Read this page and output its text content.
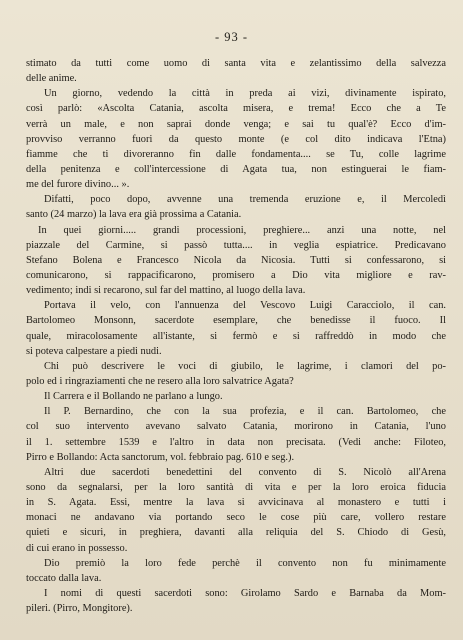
- 93 -
stimato da tutti come uomo di santa vita e zelantissimo della salvezza
delle anime.
Un giorno, vedendo la città in preda ai vizi, divinamente ispirato,
così parlò: «Ascolta Catania, ascolta misera, e trema! Ecco che a Te
verrà un male, e non saprai donde venga; e sai tu qual'è? Ecco d'im-
provviso verranno fuori da questo monte (e col dito indicava l'Etna)
fiamme che ti divoreranno fin dalle fondamenta.... se Tu, colle lagrime
della penitenza e coll'intercessione di Agata tua, non estinguerai le fiam-
me del furore divino... ».
Difatti, poco dopo, avvenne una tremenda eruzione e, il Mercoledì
santo (24 marzo) la lava era già prossima a Catania.
In quei giorni..... grandi processioni, preghiere... anzi una notte, nel
piazzale del Carmine, si passò tutta.... in veglia espiatrice. Predicavano
Stefano Bolena e Francesco Nicola da Nicosia. Tutti si confessarono, si
comunicarono, si rappacificarono, promisero a Dio vita migliore e rav-
vedimento; indi si recarono, sul far del mattino, al luogo della lava.
Portava il velo, con l'annuenza del Vescovo Luigi Caracciolo, il can.
Bartolomeo Monsonn, sacerdote esemplare, che benedisse il fuoco. Il
quale, miracolosamente all'istante, si fermò e si raffreddò in modo che
si poteva calpestare a piedi nudi.
Chi può descrivere le voci di giubilo, le lagrime, i clamori del po-
polo ed i ringraziamenti che ne resero alla loro salvatrice Agata?
Il Carrera e il Bollando ne parlano a lungo.
Il P. Bernardino, che con la sua profezia, e il can. Bartolomeo, che
col suo intervento avevano salvato Catania, morirono in Catania, l'uno
il 1. settembre 1539 e l'altro in data non precisata. (Vedi anche: Filoteo,
Pirro e Bollando: Acta sanctorum, vol. febbraio pag. 610 e seg.).
Altri due sacerdoti benedettini del convento di S. Nicolò all'Arena
sono da segnalarsi, per la loro santità di vita e per la loro eroica fiducia
in S. Agata. Essi, mentre la lava si avvicinava al monastero e tutti i
monaci ne andavano via portando seco le cose più care, vollero restare
quieti e sicuri, in preghiera, davanti alla reliquia del S. Chiodo di Gesù,
di cui erano in possesso.
Dio premiò la loro fede perchè il convento non fu minimamente
toccato dalla lava.
I nomi di questi sacerdoti sono: Girolamo Sardo e Barnaba da Mom-
pileri. (Pirro, Mongitore).
